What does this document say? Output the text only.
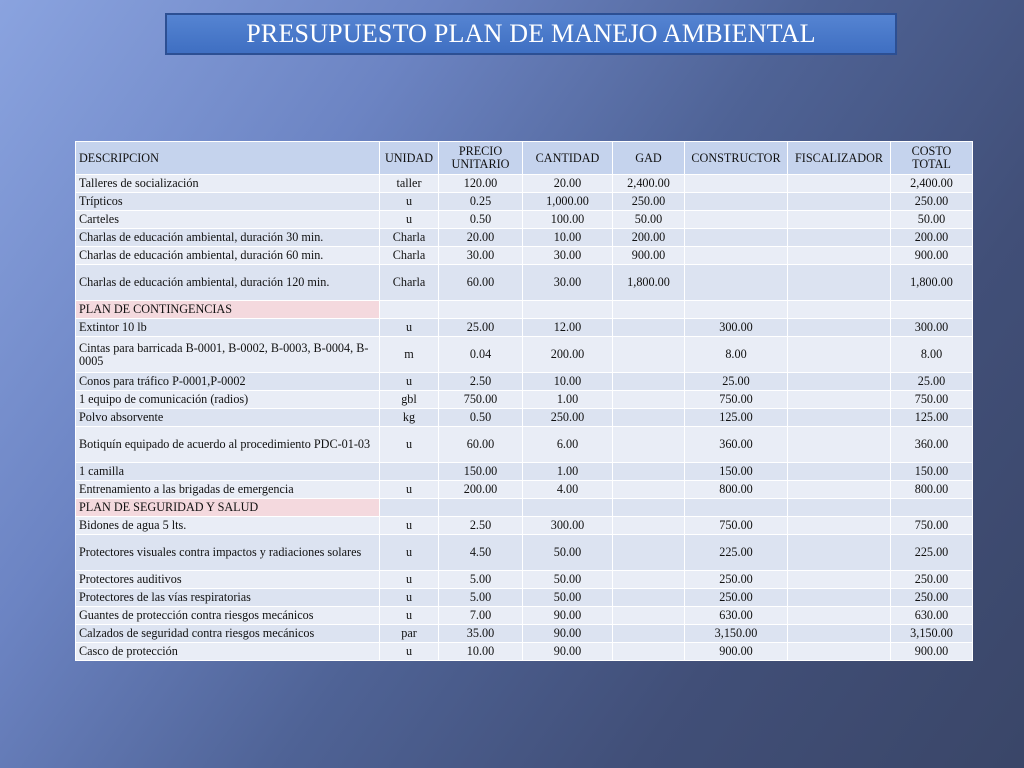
PRESUPUESTO PLAN DE MANEJO AMBIENTAL
DESCRIPCION	UNIDAD	PRECIO UNITARIO	CANTIDAD	GAD	CONSTRUCTOR	FISCALIZADOR	COSTO TOTAL
Talleres de socialización	taller	120.00	20.00	2,400.00			2,400.00
Trípticos	u	0.25	1,000.00	250.00			250.00
Carteles	u	0.50	100.00	50.00			50.00
Charlas de educación ambiental, duración 30 min.	Charla	20.00	10.00	200.00			200.00
Charlas de educación ambiental, duración 60 min.	Charla	30.00	30.00	900.00			900.00
Charlas de educación ambiental, duración 120 min.	Charla	60.00	30.00	1,800.00			1,800.00
PLAN DE CONTINGENCIAS							
Extintor 10 lb	u	25.00	12.00		300.00		300.00
Cintas para barricada B-0001, B-0002, B-0003, B-0004, B-0005	m	0.04	200.00		8.00		8.00
Conos para tráfico P-0001,P-0002	u	2.50	10.00		25.00		25.00
1 equipo de comunicación (radios)	gbl	750.00	1.00		750.00		750.00
Polvo absorvente	kg	0.50	250.00		125.00		125.00
Botiquín equipado de acuerdo al procedimiento PDC-01-03	u	60.00	6.00		360.00		360.00
1 camilla		150.00	1.00		150.00		150.00
Entrenamiento a las brigadas de emergencia	u	200.00	4.00		800.00		800.00
PLAN DE SEGURIDAD Y SALUD							
Bidones de agua 5 lts.	u	2.50	300.00		750.00		750.00
Protectores visuales contra impactos y radiaciones solares	u	4.50	50.00		225.00		225.00
Protectores auditivos	u	5.00	50.00		250.00		250.00
Protectores de las vías respiratorias	u	5.00	50.00		250.00		250.00
Guantes de protección contra riesgos mecánicos	u	7.00	90.00		630.00		630.00
Calzados de seguridad contra riesgos mecánicos	par	35.00	90.00		3,150.00		3,150.00
Casco de protección	u	10.00	90.00		900.00		900.00
